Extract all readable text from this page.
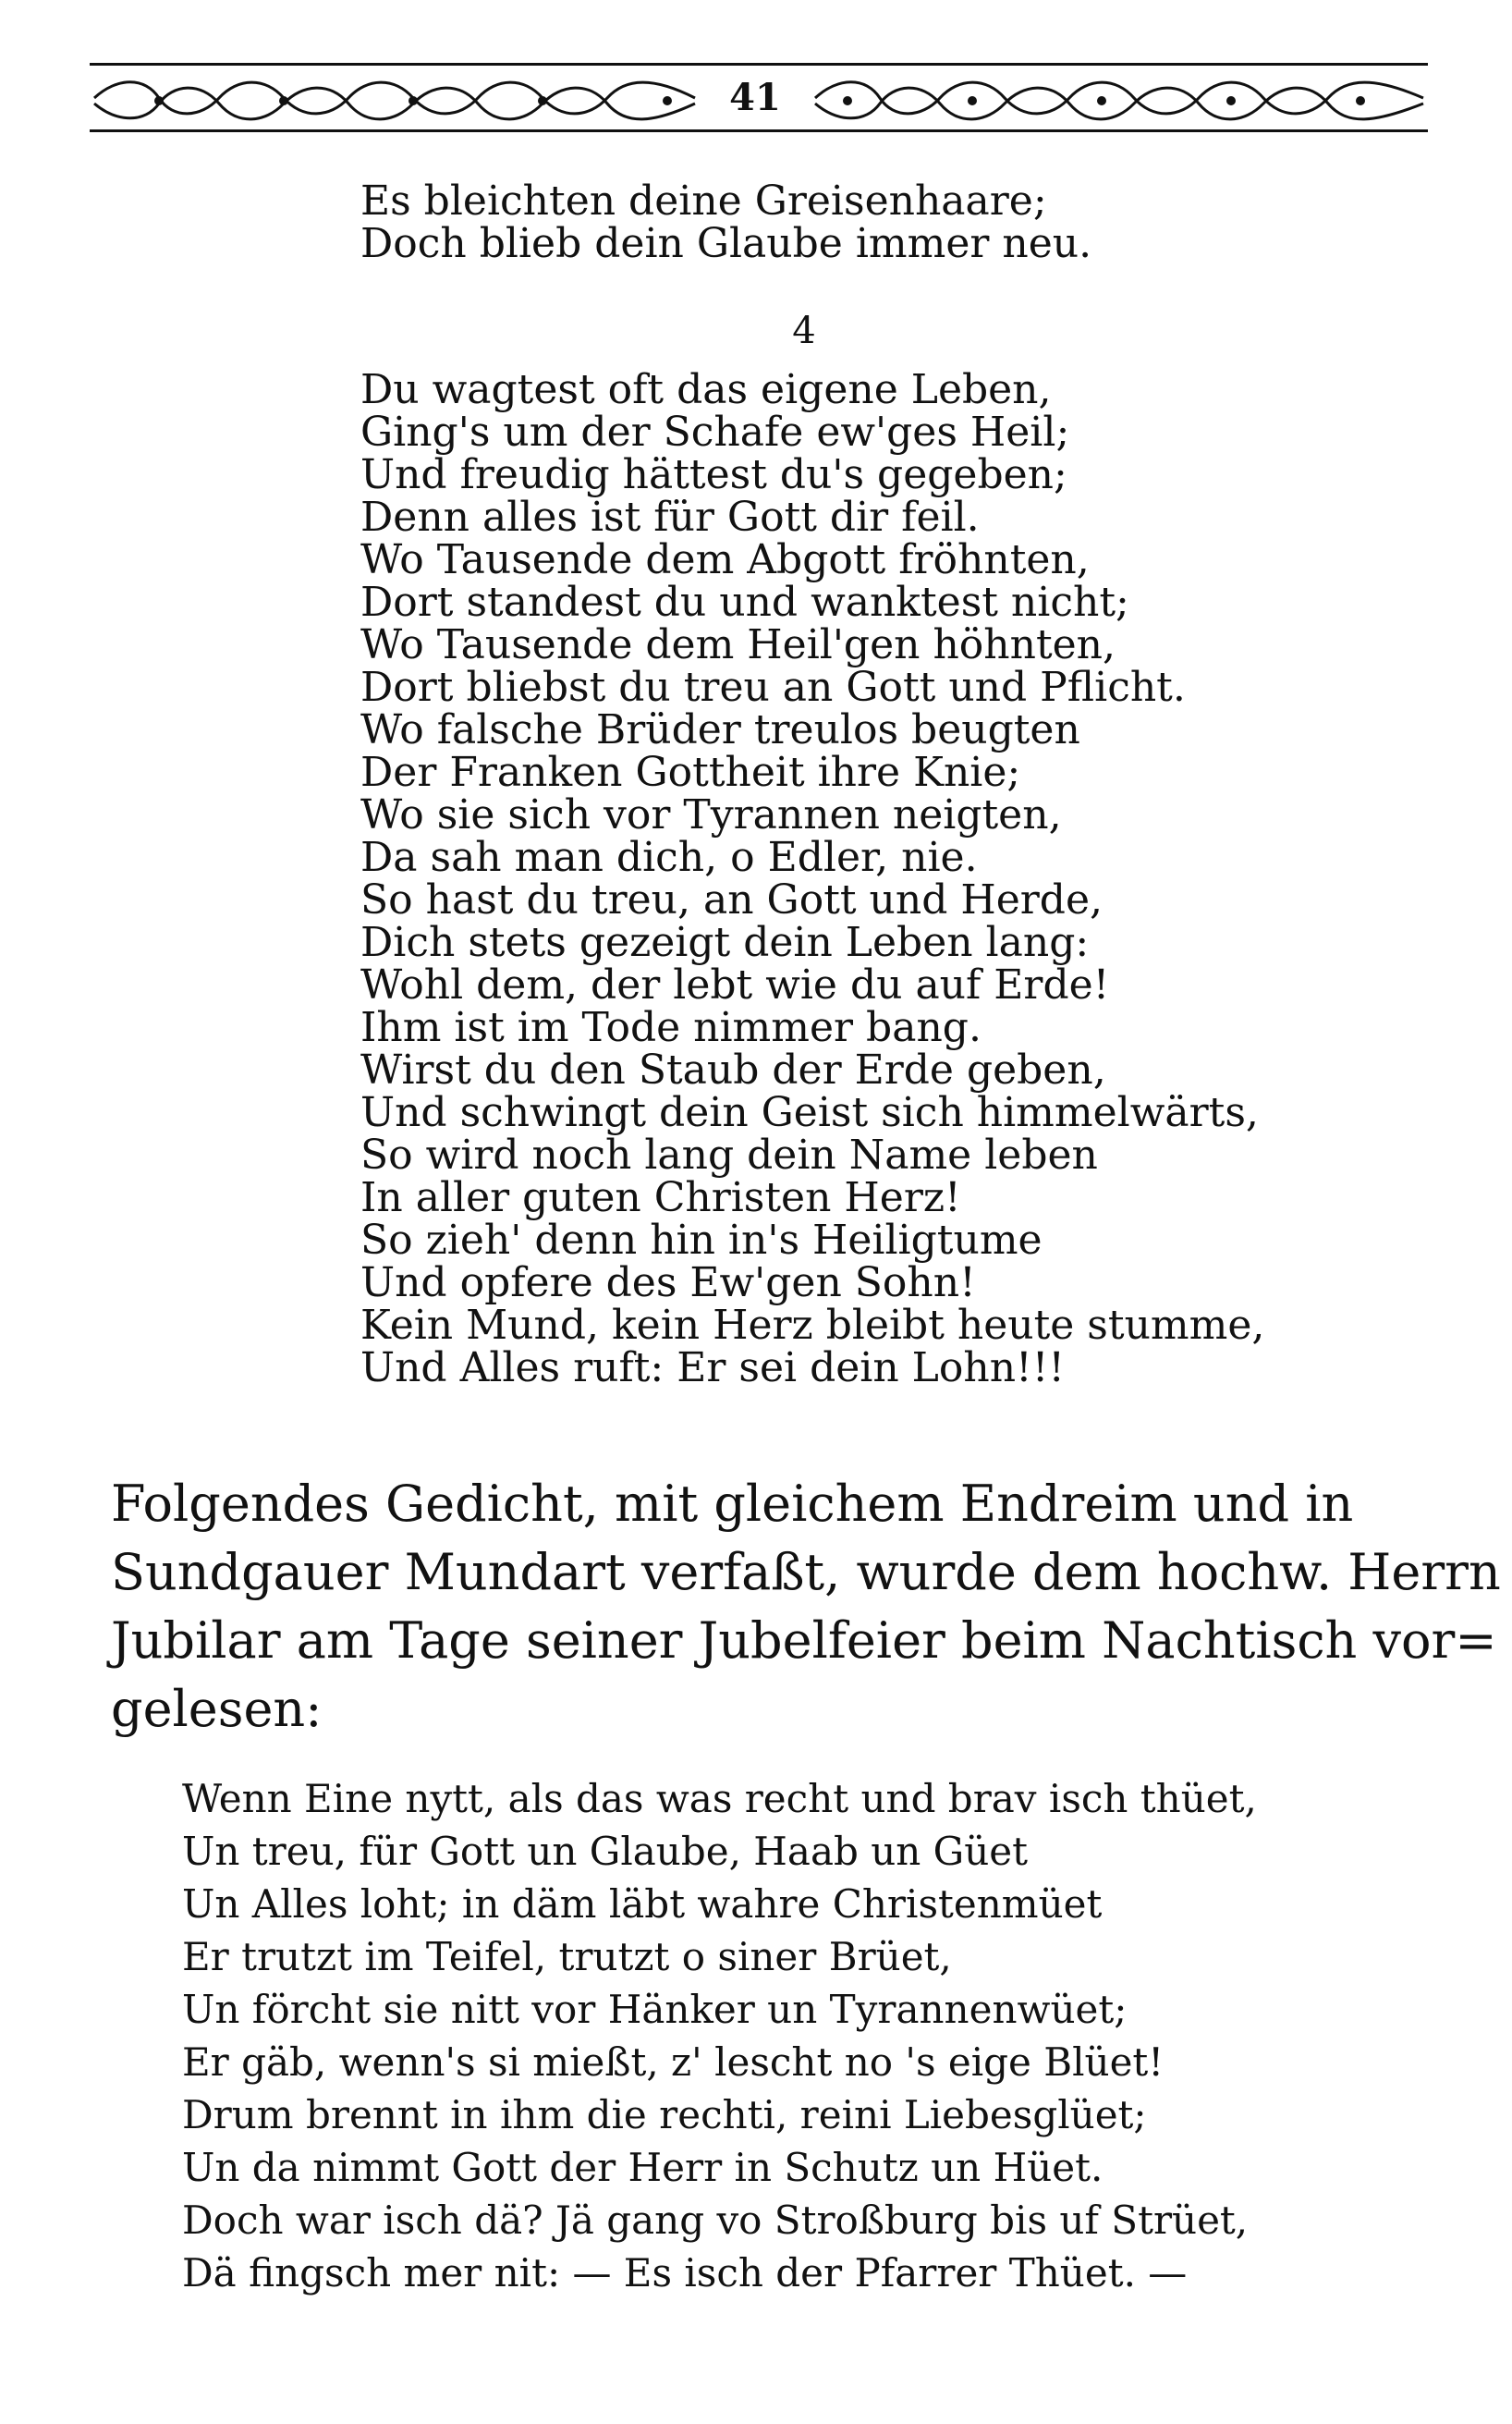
41
Es bleichten deine Greisenhaare;
Doch blieb dein Glaube immer neu.
4
Du wagtest oft das eigene Leben,
Ging's um der Schafe ew'ges Heil;
Und freudig hättest du's gegeben;
Denn alles ist für Gott dir feil.
Wo Tausende dem Abgott fröhnten,
Dort standest du und wanktest nicht;
Wo Tausende dem Heil'gen höhnten,
Dort bliebst du treu an Gott und Pflicht.
Wo falsche Brüder treulos beugten
Der Franken Gottheit ihre Knie;
Wo sie sich vor Tyrannen neigten,
Da sah man dich, o Edler, nie.
So hast du treu, an Gott und Herde,
Dich stets gezeigt dein Leben lang:
Wohl dem, der lebt wie du auf Erde!
Ihm ist im Tode nimmer bang.
Wirst du den Staub der Erde geben,
Und schwingt dein Geist sich himmelwärts,
So wird noch lang dein Name leben
In aller guten Christen Herz!
So zieh' denn hin in's Heiligtume
Und opfere des Ew'gen Sohn!
Kein Mund, kein Herz bleibt heute stumme,
Und Alles ruft: Er sei dein Lohn!!!
Folgendes Gedicht, mit gleichem Endreim und in
Sundgauer Mundart verfaßt, wurde dem hochw. Herrn
Jubilar am Tage seiner Jubelfeier beim Nachtisch vor=
gelesen:
Wenn Eine nytt, als das was recht und brav isch thüet,
Un treu, für Gott un Glaube, Haab un Güet
Un Alles loht; in däm läbt wahre Christenmüet
Er trutzt im Teifel, trutzt o siner Brüet,
Un förcht sie nitt vor Hänker un Tyrannenwüet;
Er gäb, wenn's si mießt, z' lescht no 's eige Blüet!
Drum brennt in ihm die rechti, reini Liebesglüet;
Un da nimmt Gott der Herr in Schutz un Hüet.
Doch war isch dä? Jä gang vo Stroßburg bis uf Strüet,
Dä fingsch mer nit: — Es isch der Pfarrer Thüet. —
